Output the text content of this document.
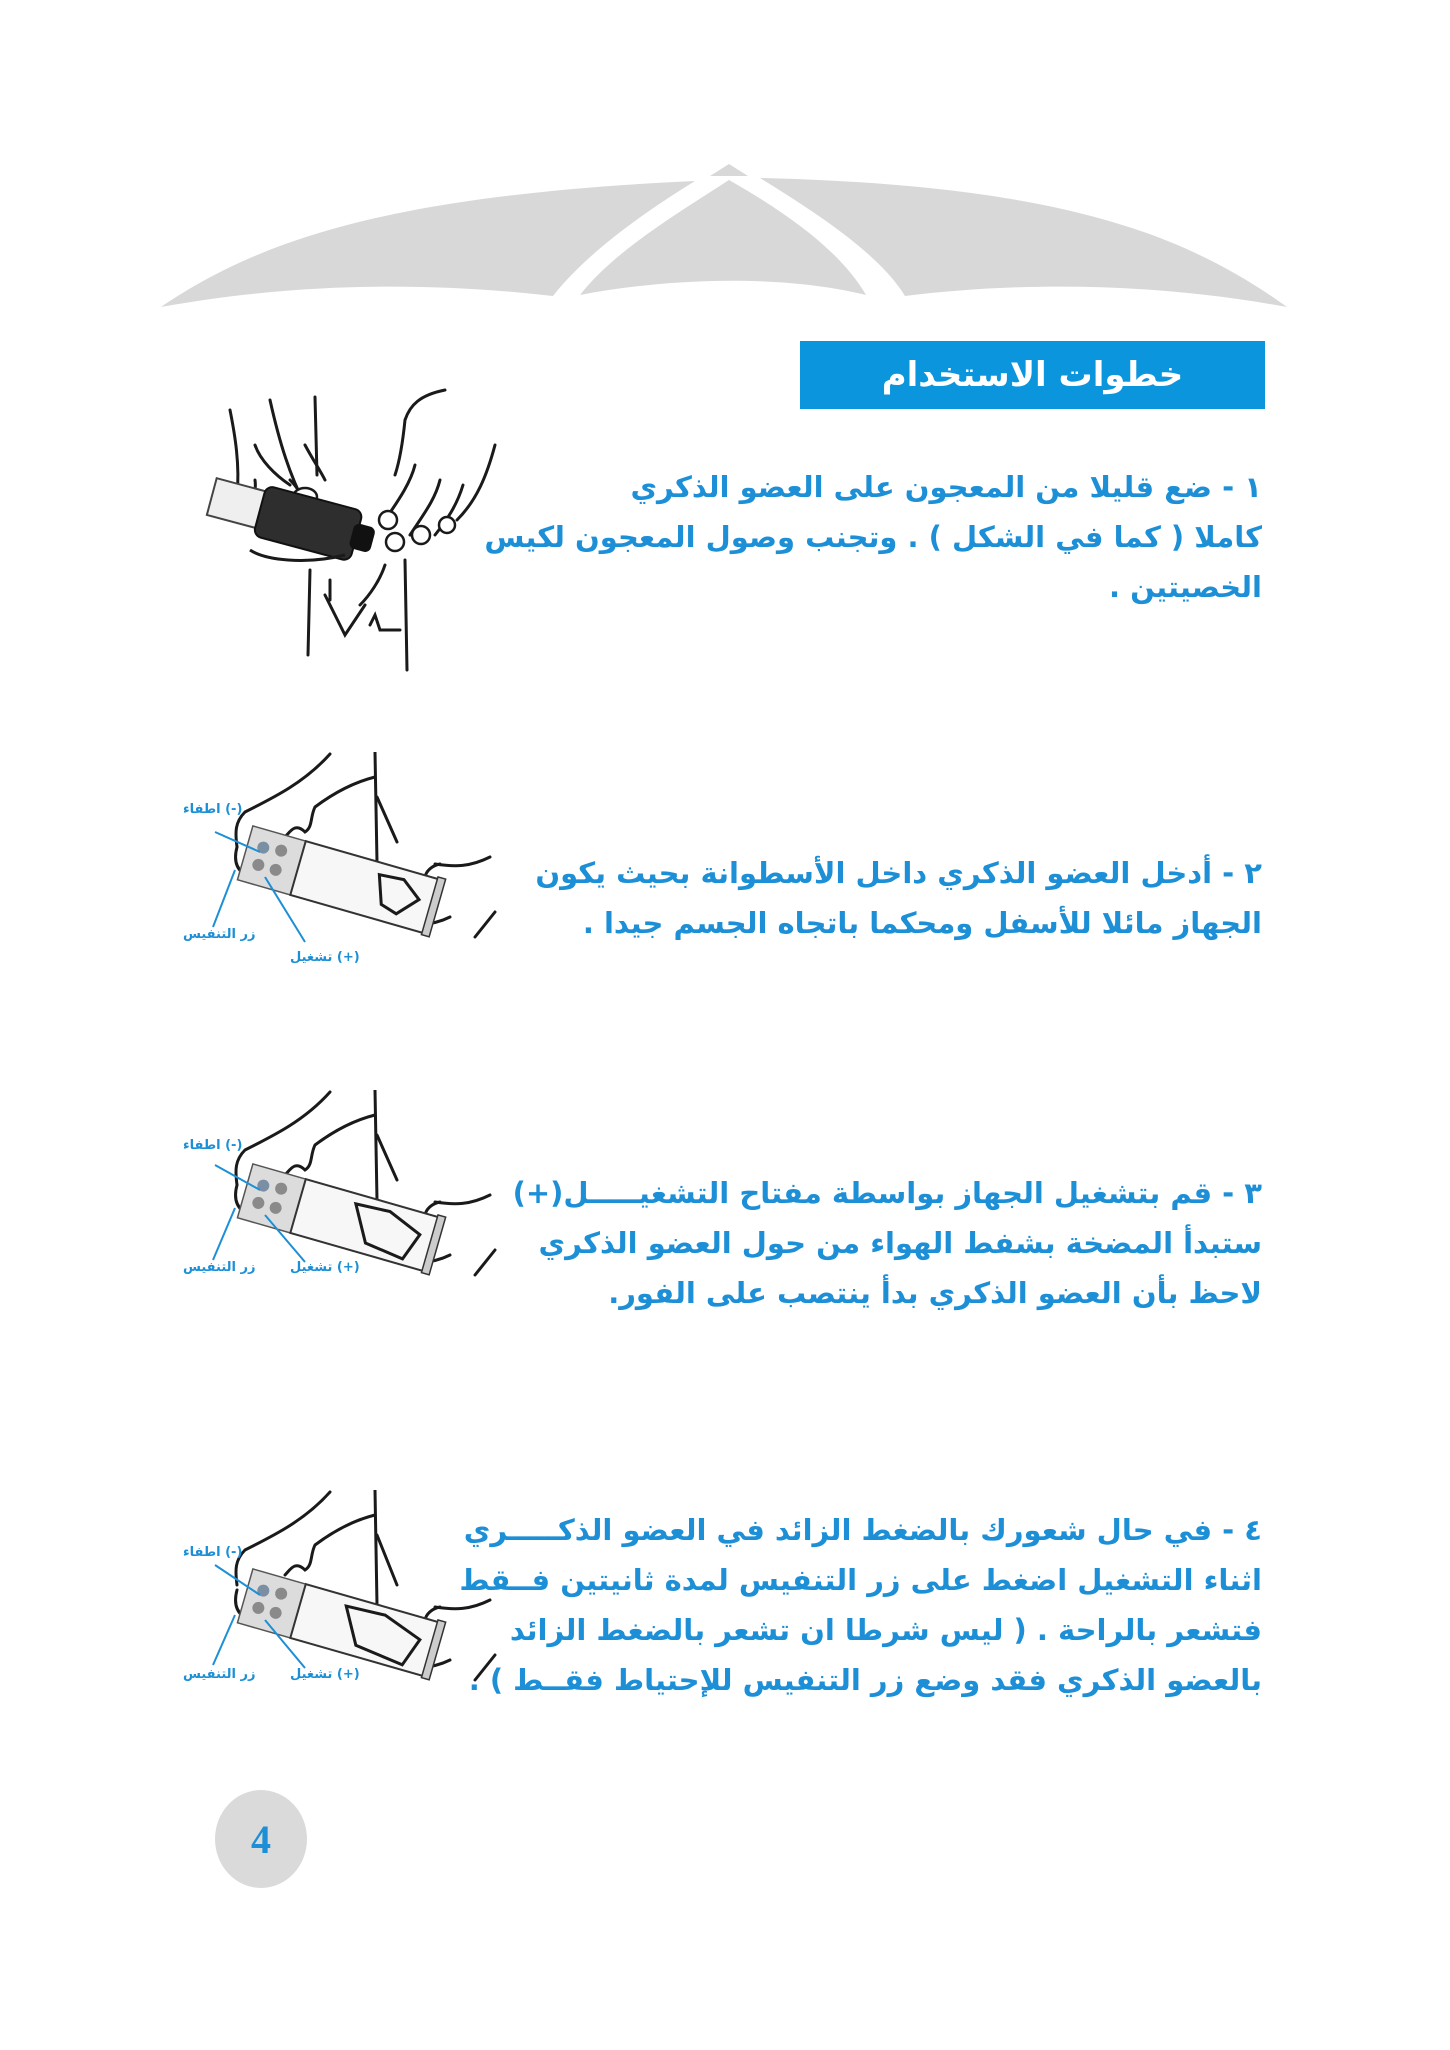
خطوات الاستخدام
(-) اطفاء
زر التنفيس
(+) تشغيل
(-) اطفاء
زر التنفيس	(+) تشغيل
(-) اطفاء
زر التنفيس	(+) تشغيل
١ - ضع قليلا من المعجون على العضو الذكري
كاملا ( كما في الشكل ) . وتجنب وصول المعجون لكيس
الخصيتين .
٢ - أدخل العضو الذكري داخل الأسطوانة بحيث يكون
الجهاز مائلا للأسفل ومحكما باتجاه الجسم جيدا .
٣ - قم بتشغيل الجهاز بواسطة مفتاح التشغيـــــل(+)
ستبدأ المضخة بشفط الهواء من حول العضو الذكري
لاحظ بأن العضو الذكري بدأ ينتصب على الفور.
٤ - في حال شعورك بالضغط الزائد في العضو الذكـــــري
اثناء التشغيل اضغط على زر التنفيس لمدة ثانيتين فــقط
فتشعر بالراحة . ( ليس شرطا ان تشعر بالضغط الزائد
بالعضو الذكري فقد وضع زر التنفيس للإحتياط فقــط ) .
4
